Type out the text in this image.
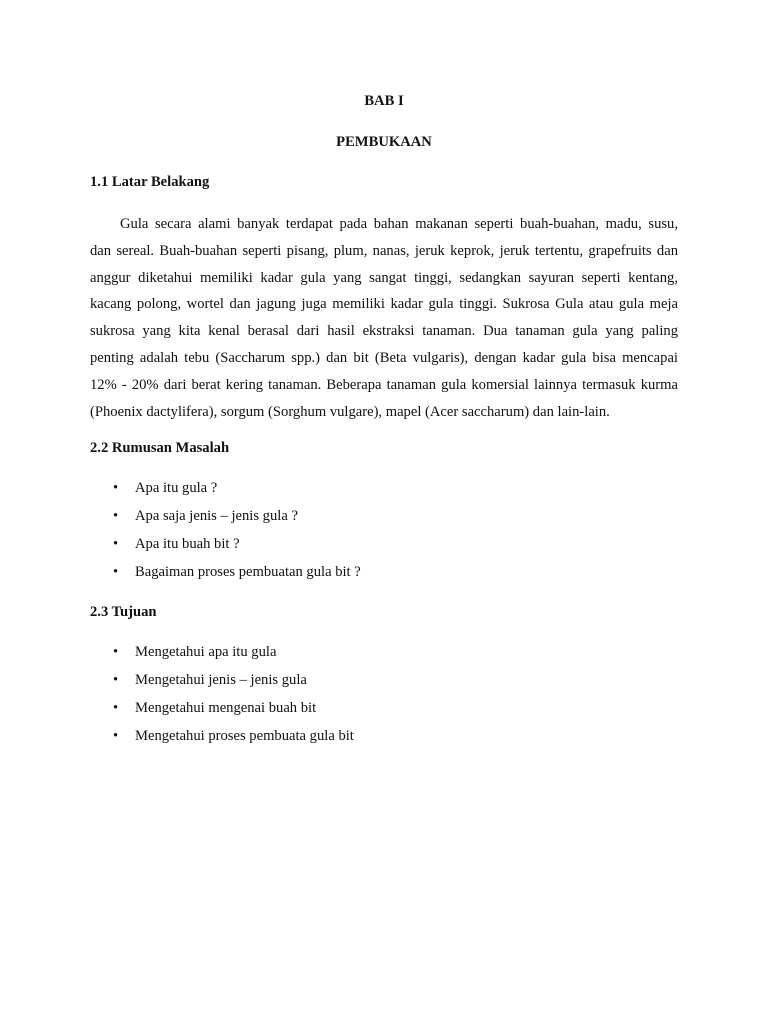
BAB I

PEMBUKAAN

1.1 Latar Belakang

Gula secara alami banyak terdapat pada bahan makanan seperti buah-buahan, madu, susu,
dan sereal. Buah-buahan seperti pisang, plum, nanas, jeruk keprok, jeruk tertentu, grapefruits dan
anggur diketahui memiliki kadar gula yang sangat tinggi, sedangkan sayuran seperti kentang,
kacang polong, wortel dan jagung juga memiliki kadar gula tinggi. Sukrosa Gula atau gula meja
sukrosa yang kita kenal berasal dari hasil ekstraksi tanaman. Dua tanaman gula yang paling
penting adalah tebu (Saccharum spp.) dan bit (Beta vulgaris), dengan kadar gula bisa mencapai
12% - 20% dari berat kering tanaman. Beberapa tanaman gula komersial lainnya termasuk kurma
(Phoenix dactylifera), sorgum (Sorghum vulgare), mapel (Acer saccharum) dan lain-lain.

2.2 Rumusan Masalah

• Apa itu gula ?
• Apa saja jenis – jenis gula ?
• Apa itu buah bit ?
• Bagaiman proses pembuatan gula bit ?

2.3 Tujuan

• Mengetahui apa itu gula
• Mengetahui jenis – jenis gula
• Mengetahui mengenai buah bit
• Mengetahui proses pembuata gula bit
